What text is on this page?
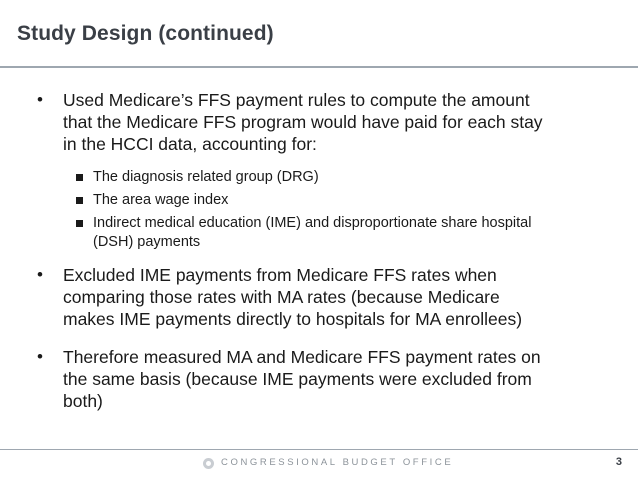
Study Design (continued)
• Used Medicare’s FFS payment rules to compute the amount
that the Medicare FFS program would have paid for each stay
in the HCCI data, accounting for:
The diagnosis related group (DRG)
The area wage index
Indirect medical education (IME) and disproportionate share hospital
(DSH) payments
• Excluded IME payments from Medicare FFS rates when
comparing those rates with MA rates (because Medicare
makes IME payments directly to hospitals for MA enrollees)
• Therefore measured MA and Medicare FFS payment rates on
the same basis (because IME payments were excluded from
both)
CONGRESSIONAL BUDGET OFFICE	3
